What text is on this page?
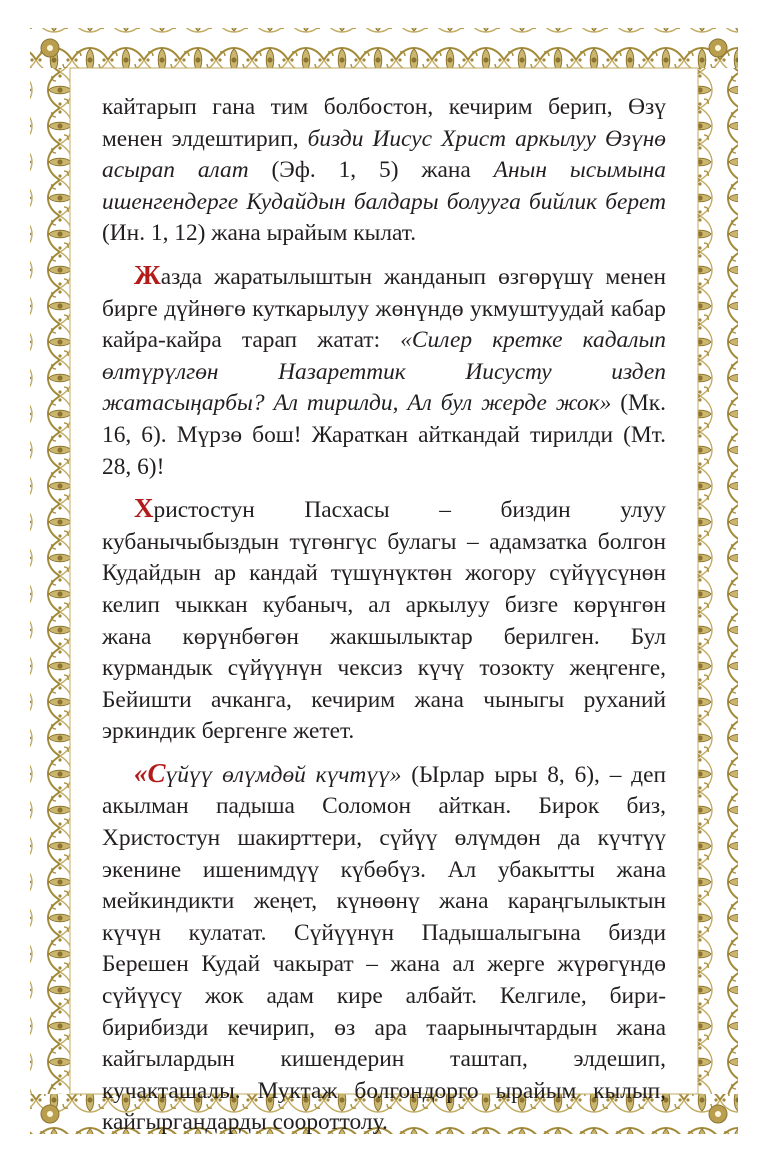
кайтарып гана тим болбостон, кечирим берип, Өзү менен элдештирип, бизди Иисус Христ аркылуу Өзүнө асырап алат (Эф. 1, 5) жана Анын ысымына ишенгендерге Кудайдын балдары болууга бийлик берет (Ин. 1, 12) жана ырайым кылат.

Жазда жаратылыштын жанданып өзгөрүшү менен бирге дүйнөгө куткарылуу жөнүндө укмуштуудай кабар кайра-кайра тарап жатат: «Силер кретке кадалып өлтүрүлгөн Назареттик Иисусту издеп жатасыңарбы? Ал тирилди, Ал бул жерде жок» (Мк. 16, 6). Мүрзө бош! Жараткан айткандай тирилди (Мт. 28, 6)!

Христостун Пасхасы – биздин улуу кубанычыбыздын түгөнгүс булагы – адамзатка болгон Кудайдын ар кандай түшүнүктөн жогору сүйүүсүнөн келип чыккан кубаныч, ал аркылуу бизге көрүнгөн жана көрүнбөгөн жакшылыктар берилген. Бул курмандык сүйүүнүн чексиз күчү тозокту жеңгенге, Бейишти ачканга, кечирим жана чыныгы руханий эркиндик бергенге жетет.

«Сүйүү өлүмдөй күчтүү» (Ырлар ыры 8, 6), – деп акылман падыша Соломон айткан. Бирок биз, Христостун шакирттери, сүйүү өлүмдөн да күчтүү экенине ишенимдүү күбөбүз. Ал убакытты жана мейкиндикти жеңет, күнөөнү жана караңгылыктын күчүн кулатат. Сүйүүнүн Падышалыгына бизди Берешен Кудай чакырат – жана ал жерге жүрөгүндө сүйүүсү жок адам кире албайт. Келгиле, бири-бирибизди кечирип, өз ара таарынычтардын жана кайгылардын кишендерин таштап, элдешип, кучакташалы. Муктаж болгондорго ырайым кылып, кайгыргандарды соороттолу.
